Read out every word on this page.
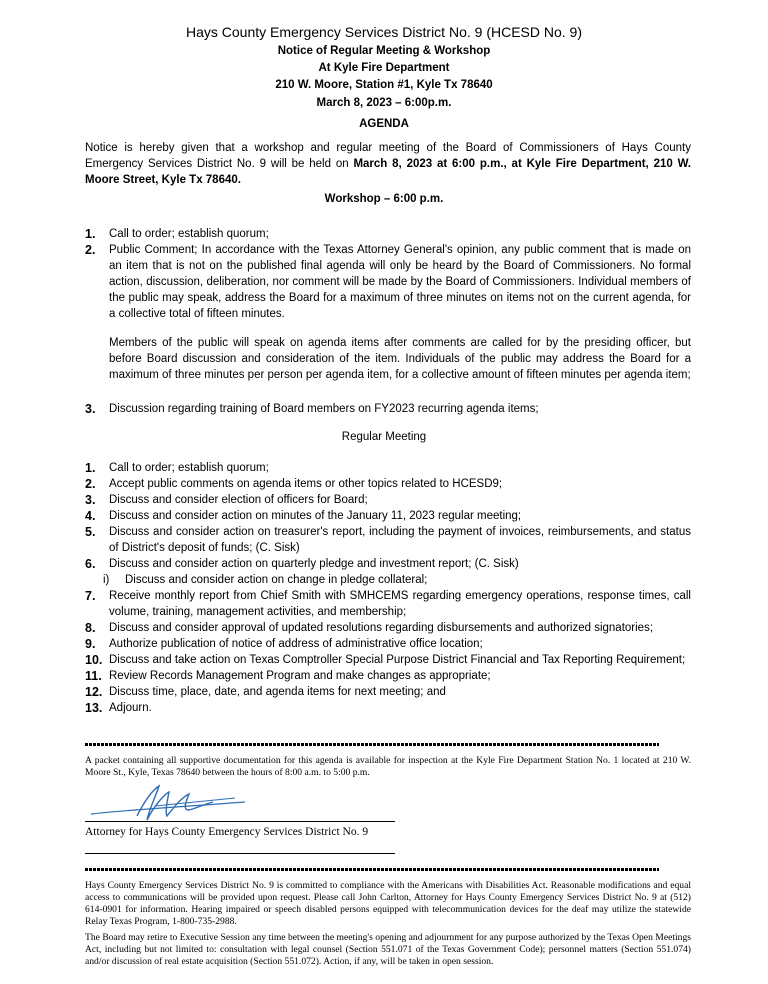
Hays County Emergency Services District No. 9 (HCESD No. 9)
Notice of Regular Meeting & Workshop
At Kyle Fire Department
210 W. Moore, Station #1, Kyle Tx 78640
March 8, 2023 – 6:00p.m.
AGENDA
Notice is hereby given that a workshop and regular meeting of the Board of Commissioners of Hays County Emergency Services District No. 9 will be held on March 8, 2023 at 6:00 p.m., at Kyle Fire Department, 210 W. Moore Street, Kyle Tx 78640.
Workshop – 6:00 p.m.
1. Call to order; establish quorum;
2. Public Comment; In accordance with the Texas Attorney General's opinion, any public comment that is made on an item that is not on the published final agenda will only be heard by the Board of Commissioners. No formal action, discussion, deliberation, nor comment will be made by the Board of Commissioners. Individual members of the public may speak, address the Board for a maximum of three minutes on items not on the current agenda, for a collective total of fifteen minutes.
Members of the public will speak on agenda items after comments are called for by the presiding officer, but before Board discussion and consideration of the item. Individuals of the public may address the Board for a maximum of three minutes per person per agenda item, for a collective amount of fifteen minutes per agenda item;
3. Discussion regarding training of Board members on FY2023 recurring agenda items;
Regular Meeting
1. Call to order; establish quorum;
2. Accept public comments on agenda items or other topics related to HCESD9;
3. Discuss and consider election of officers for Board;
4. Discuss and consider action on minutes of the January 11, 2023 regular meeting;
5. Discuss and consider action on treasurer's report, including the payment of invoices, reimbursements, and status of District's deposit of funds; (C. Sisk)
6. Discuss and consider action on quarterly pledge and investment report; (C. Sisk)
i) Discuss and consider action on change in pledge collateral;
7. Receive monthly report from Chief Smith with SMHCEMS regarding emergency operations, response times, call volume, training, management activities, and membership;
8. Discuss and consider approval of updated resolutions regarding disbursements and authorized signatories;
9. Authorize publication of notice of address of administrative office location;
10. Discuss and take action on Texas Comptroller Special Purpose District Financial and Tax Reporting Requirement;
11. Review Records Management Program and make changes as appropriate;
12. Discuss time, place, date, and agenda items for next meeting; and
13. Adjourn.
A packet containing all supportive documentation for this agenda is available for inspection at the Kyle Fire Department Station No. 1 located at 210 W. Moore St., Kyle, Texas 78640 between the hours of 8:00 a.m. to 5:00 p.m.
Attorney for Hays County Emergency Services District No. 9
Hays County Emergency Services District No. 9 is committed to compliance with the Americans with Disabilities Act. Reasonable modifications and equal access to communications will be provided upon request. Please call John Carlton, Attorney for Hays County Emergency Services District No. 9 at (512) 614-0901 for information. Hearing impaired or speech disabled persons equipped with telecommunication devices for the deaf may utilize the statewide Relay Texas Program, 1-800-735-2988.
The Board may retire to Executive Session any time between the meeting's opening and adjournment for any purpose authorized by the Texas Open Meetings Act, including but not limited to: consultation with legal counsel (Section 551.071 of the Texas Government Code); personnel matters (Section 551.074) and/or discussion of real estate acquisition (Section 551.072). Action, if any, will be taken in open session.
